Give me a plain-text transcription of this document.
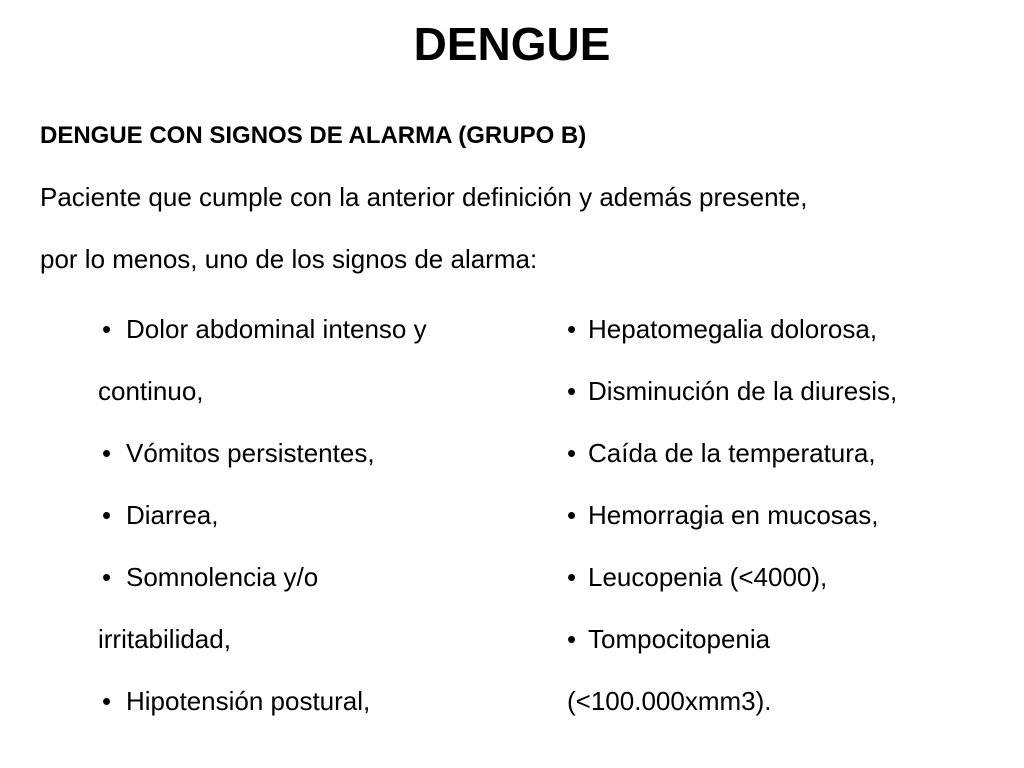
DENGUE
DENGUE CON SIGNOS DE ALARMA (GRUPO B)

Paciente que cumple con la anterior definición y además presente,
por lo menos, uno de los signos de alarma:

• Dolor abdominal intenso y
continuo,
• Vómitos persistentes,
• Diarrea,
• Somnolencia y/o
irritabilidad,
• Hipotensión postural,
• Hepatomegalia dolorosa,
• Disminución de la diuresis,
• Caída de la temperatura,
• Hemorragia en mucosas,
• Leucopenia (<4000),
• Tompocitopenia
(<100.000xmm3).
